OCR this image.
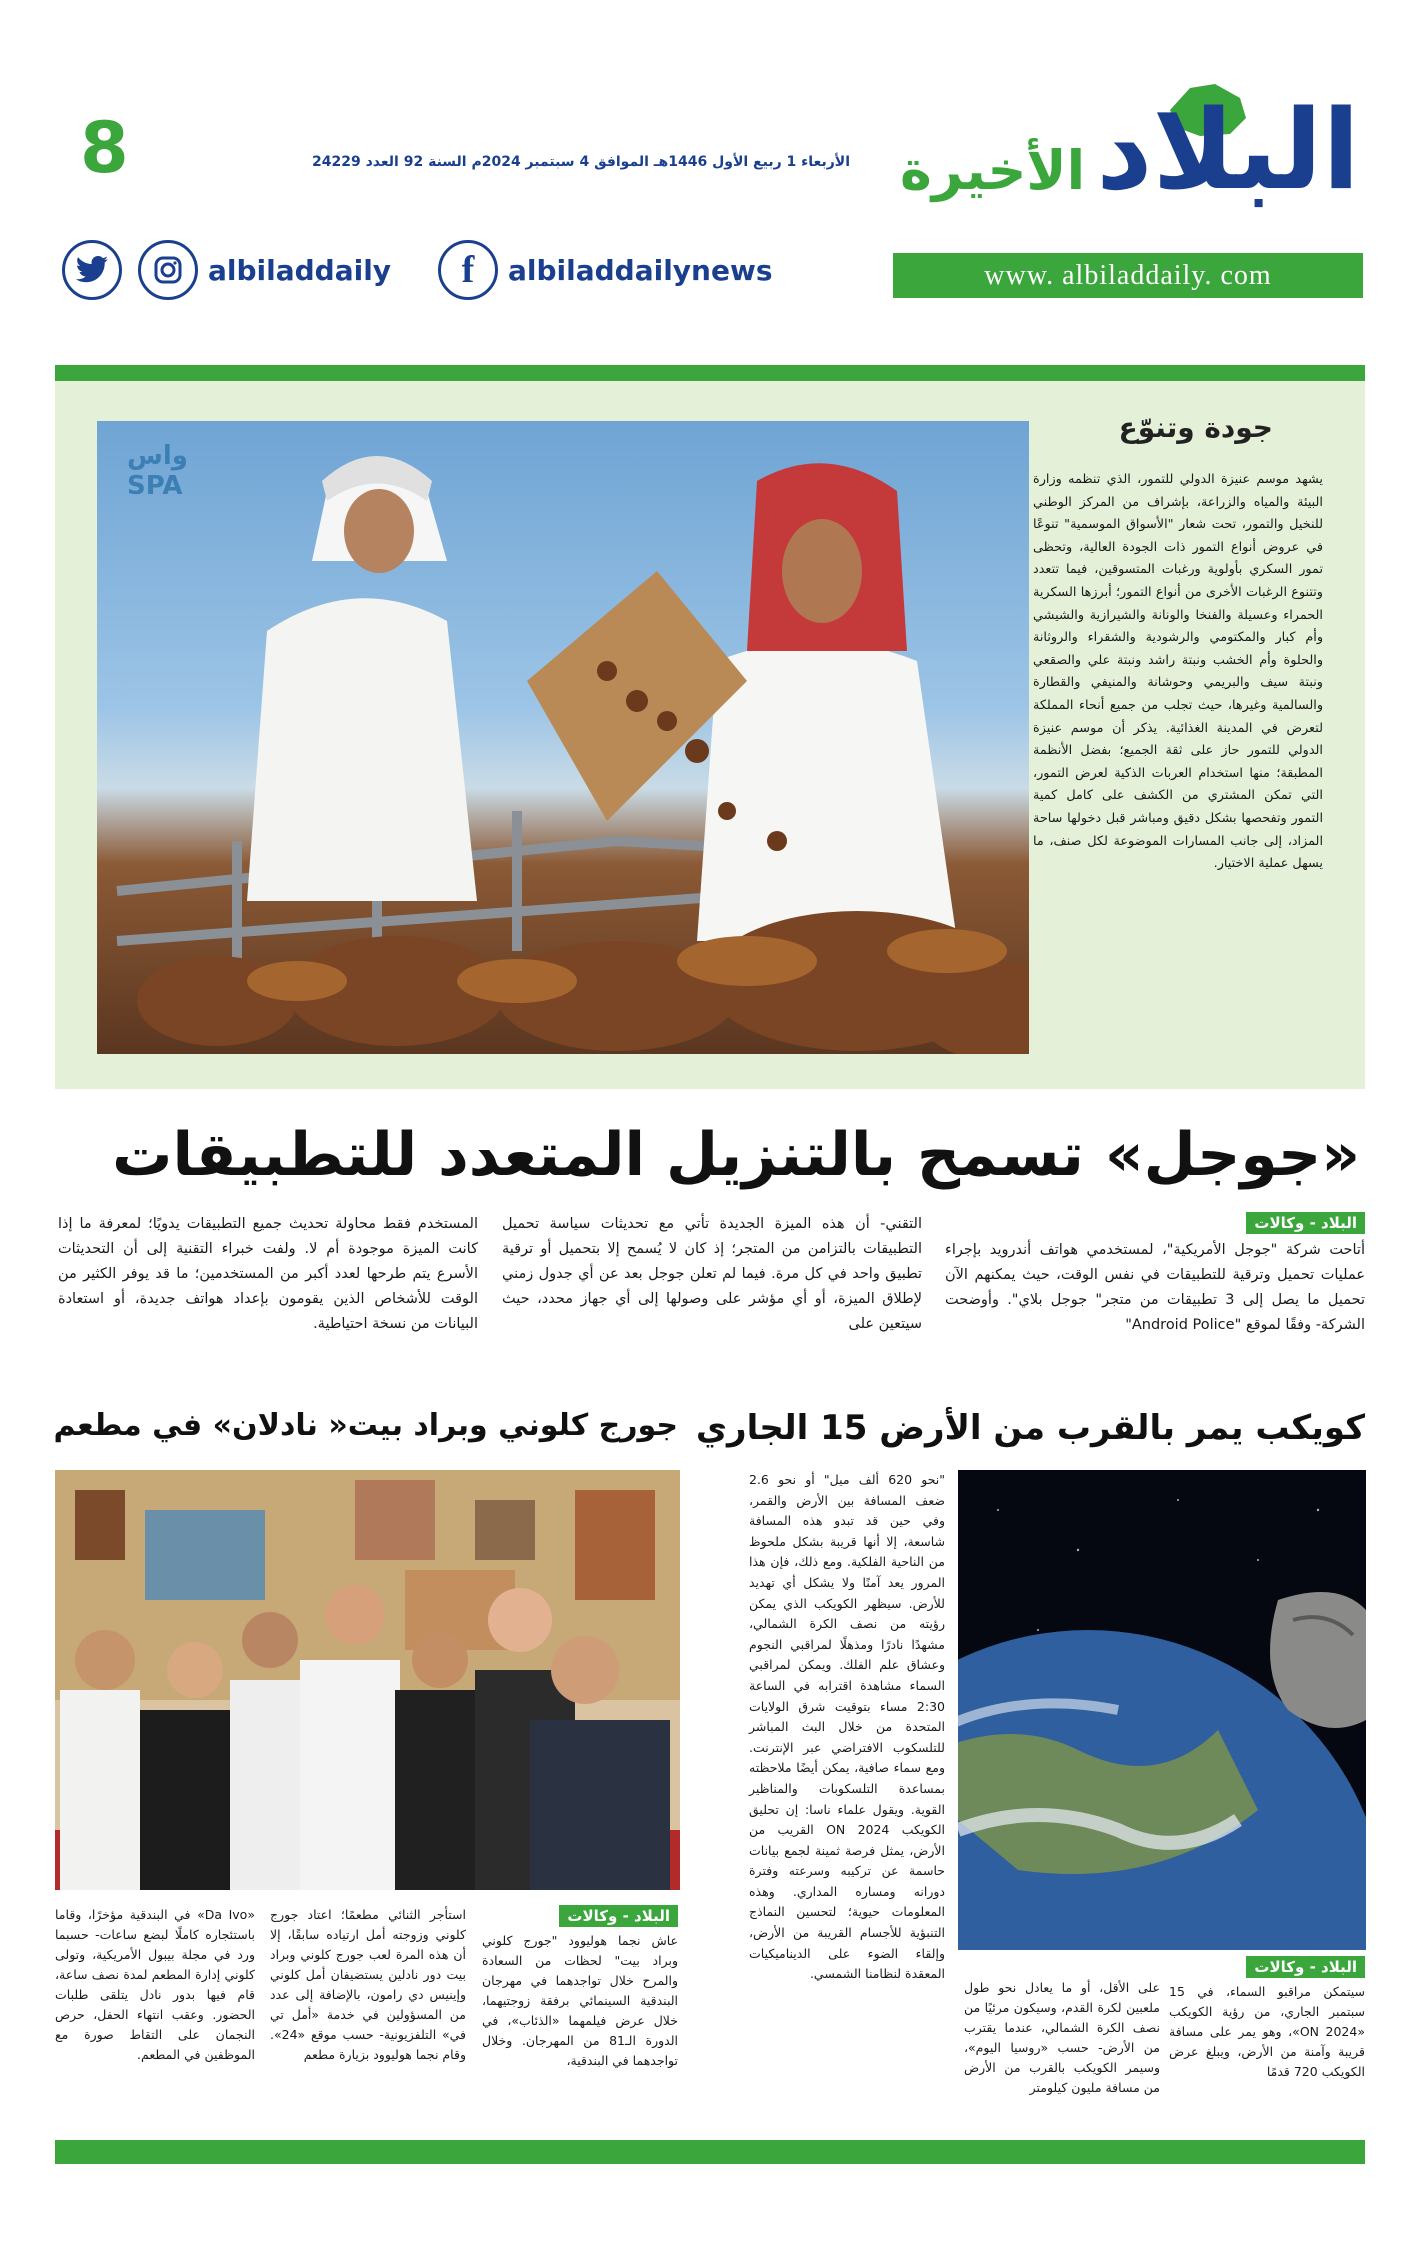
البلاد
الأخيرة
8	الأربعاء 1 ربيع الأول 1446هـ الموافق 4 سبتمبر 2024م السنة 92 العدد 24229
www. albiladdaily. com
f albiladdailynews
albiladdaily
واس SPA
جودة وتنوّع
يشهد موسم عنيزة الدولي للتمور، الذي تنظمه وزارة البيئة والمياه والزراعة، بإشراف من المركز الوطني للنخيل والتمور، تحت شعار "الأسواق الموسمية" تنوعًا في عروض أنواع التمور ذات الجودة العالية، وتحظى تمور السكري بأولوية ورغبات المتسوقين، فيما تتعدد وتتنوع الرغبات الأخرى من أنواع التمور؛ أبرزها السكرية الحمراء وعسيلة والفنخا والونانة والشيرازية والشيشي وأم كبار والمكتومي والرشودية والشقراء والروثانة والحلوة وأم الخشب ونبتة راشد ونبتة علي والصقعي ونبتة سيف والبريمي وحوشانة والمنيفي والقطارة والسالمية وغيرها، حيث تجلب من جميع أنحاء المملكة لتعرض في المدينة الغذائية. يذكر أن موسم عنيزة الدولي للتمور حاز على ثقة الجميع؛ بفضل الأنظمة المطبقة؛ منها استخدام العربات الذكية لعرض التمور، التي تمكن المشتري من الكشف على كامل كمية التمور وتفحصها بشكل دقيق ومباشر قبل دخولها ساحة المزاد، إلى جانب المسارات الموضوعة لكل صنف، ما يسهل عملية الاختيار.
«جوجل» تسمح بالتنزيل المتعدد للتطبيقات
البلاد - وكالات
أتاحت شركة "جوجل الأمريكية"، لمستخدمي هواتف أندرويد بإجراء عمليات تحميل وترقية للتطبيقات في نفس الوقت، حيث يمكنهم الآن تحميل ما يصل إلى 3 تطبيقات من متجر" جوجل بلاي". وأوضحت الشركة- وفقًا لموقع "Android Police"
التقني- أن هذه الميزة الجديدة تأتي مع تحديثات سياسة تحميل التطبيقات بالتزامن من المتجر؛ إذ كان لا يُسمح إلا بتحميل أو ترقية تطبيق واحد في كل مرة. فيما لم تعلن جوجل بعد عن أي جدول زمني لإطلاق الميزة، أو أي مؤشر على وصولها إلى أي جهاز محدد، حيث سيتعين على
المستخدم فقط محاولة تحديث جميع التطبيقات يدويًا؛ لمعرفة ما إذا كانت الميزة موجودة أم لا. ولفت خبراء التقنية إلى أن التحديثات الأسرع يتم طرحها لعدد أكبر من المستخدمين؛ ما قد يوفر الكثير من الوقت للأشخاص الذين يقومون بإعداد هواتف جديدة، أو استعادة البيانات من نسخة احتياطية.
كويكب يمر بالقرب من الأرض 15 الجاري
البلاد - وكالات
سيتمكن مراقبو السماء، في 15 سبتمبر الجاري، من رؤية الكويكب «ON 2024»، وهو يمر على مسافة قريبة وآمنة من الأرض، ويبلغ عرض الكويكب 720 قدمًا
على الأقل، أو ما يعادل نحو طول ملعبين لكرة القدم، وسيكون مرئيًا من نصف الكرة الشمالي، عندما يقترب من الأرض- حسب «روسيا اليوم»، وسيمر الكويكب بالقرب من الأرض من مسافة مليون كيلومتر
"نحو 620 ألف ميل" أو نحو 2.6 ضعف المسافة بين الأرض والقمر، وفي حين قد تبدو هذه المسافة شاسعة، إلا أنها قريبة بشكل ملحوظ من الناحية الفلكية. ومع ذلك، فإن هذا المرور يعد آمنًا ولا يشكل أي تهديد للأرض. سيظهر الكويكب الذي يمكن رؤيته من نصف الكرة الشمالي، مشهدًا نادرًا ومذهلًا لمراقبي النجوم وعشاق علم الفلك. ويمكن لمراقبي السماء مشاهدة اقترابه في الساعة 2:30 مساء بتوقيت شرق الولايات المتحدة من خلال البث المباشر للتلسكوب الافتراضي عبر الإنترنت. ومع سماء صافية، يمكن أيضًا ملاحظته بمساعدة التلسكوبات والمناظير القوية. ويقول علماء ناسا: إن تحليق الكويكب ON 2024 القريب من الأرض، يمثل فرصة ثمينة لجمع بيانات حاسمة عن تركيبه وسرعته وفترة دورانه ومساره المداري. وهذه المعلومات حيوية؛ لتحسين النماذج التنبؤية للأجسام القريبة من الأرض، وإلقاء الضوء على الديناميكيات المعقدة لنظامنا الشمسي.
جورج كلوني وبراد بيت« نادلان» في مطعم
البلاد - وكالات
عاش نجما هوليوود "جورج كلوني وبراد بيت" لحظات من السعادة والمرح خلال تواجدهما في مهرجان البندقية السينمائي برفقة زوجتيهما، خلال عرض فيلمهما «الذئاب»، في الدورة الـ81 من المهرجان. وخلال تواجدهما في البندقية،
استأجر الثنائي مطعمًا؛ اعتاد جورج كلوني وزوجته أمل ارتياده سابقًا، إلا أن هذه المرة لعب جورج كلوني وبراد بيت دور نادلين يستضيفان أمل كلوني وإينيس دي رامون، بالإضافة إلى عدد من المسؤولين في خدمة «أمل تي في» التلفزيونية- حسب موقع «24». وقام نجما هوليوود بزيارة مطعم
«Da Ivo» في البندقية مؤخرًا، وقاما باستئجاره كاملًا لبضع ساعات- حسبما ورد في مجلة بيبول الأمريكية، وتولى كلوني إدارة المطعم لمدة نصف ساعة، قام فيها بدور نادل يتلقى طلبات الحضور. وعقب انتهاء الحفل، حرص النجمان على التقاط صورة مع الموظفين في المطعم.
